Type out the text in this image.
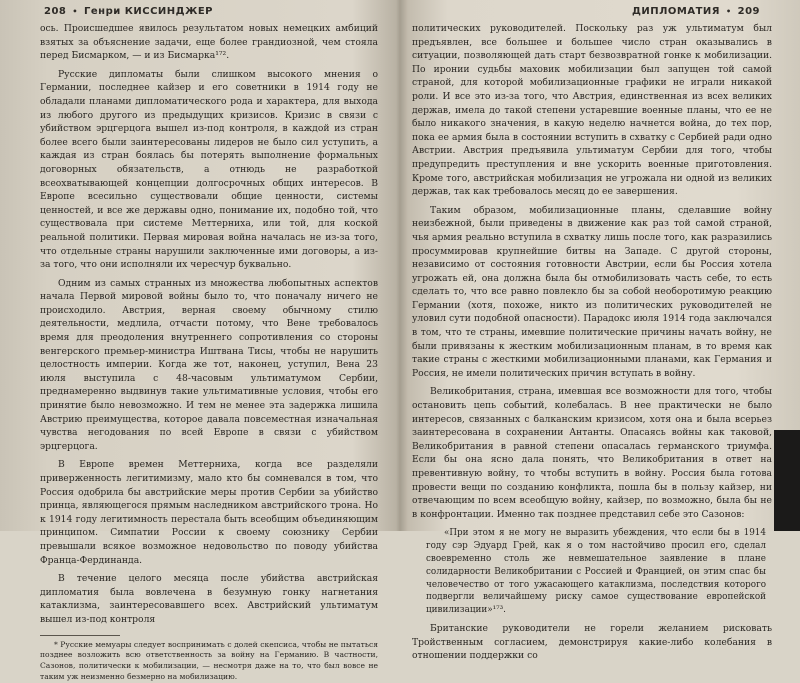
208 • Генри КИССИНДЖЕР

ось. Происшедшее явилось результатом новых немецких амбиций взятых за объяснение задачи, еще более грандиозной, чем стояла перед Бисмарком, — и из Бисмарка¹⁷².

Русские дипломаты были слишком высокого мнения о Германии, последнее кайзер и его советники в 1914 году не обладали планами дипломатического рода и характера, для выхода из любого другого из предыдущих кризисов. Кризис в связи с убийством эрцгерцога вышел из-под контроля, в каждой из стран более всего были заинтересованы лидеров не было сил уступить, а каждая из стран боялась бы потерять выполнение формальных договорных обязательств, а отнюдь не разработкой всеохватывающей концепции долгосрочных общих интересов. В Европе всесильно существовали общие ценности, системы ценностей, и все же державы одно, понимание их, подобно той, что существовала при системе Меттерниха, или той, для коской реальной политики. Первая мировая война началась не из-за того, что отдельные страны нарушили заключенные ими договоры, а из-за того, что они исполняли их чересчур буквально.

Одним из самых странных из множества любопытных аспектов начала Первой мировой войны было то, что поначалу ничего не происходило. Австрия, верная своему обычному стилю деятельности, медлила, отчасти потому, что Вене требовалось время для преодоления внутреннего сопротивления со стороны венгерского премьер-министра Иштвана Тисы, чтобы не нарушить целостность империи. Когда же тот, наконец, уступил, Вена 23 июля выступила с 48-часовым ультиматумом Сербии, преднамеренно выдвинув такие ультимативные условия, чтобы его принятие было невозможно. И тем не менее эта задержка лишила Австрию преимущества, которое давала повсеместная изначальная чувства негодования по всей Европе в связи с убийством эрцгерцога.

В Европе времен Меттерниха, когда все разделяли приверженность легитимизму, мало кто бы сомневался в том, что Россия одобрила бы австрийские меры против Сербии за убийство принца, являющегося прямым наследником австрийского трона. Но к 1914 году легитимность перестала быть всеобщим объединяющим принципом. Симпатии России к своему союзнику Сербии превышали всякое возможное недовольство по поводу убийства Франца-Фердинанда.

В течение целого месяца после убийства австрийская дипломатия была вовлечена в безумную гонку нагнетания катаклизма, заинтересовавшего всех. Австрийский ультиматум вышел из-под контроля

* Русские мемуары следует воспринимать с долей скепсиса, чтобы не пытаться позднее возложить всю ответственность за войну на Германию. В частности, Сазонов, политически к мобилизации, — несмотря даже на то, что был вовсе не таким уж неизменно безмерно на мобилизацию.
ДИПЛОМАТИЯ • 209

политических руководителей. Поскольку раз уж ультиматум был предъявлен, все большее и большее число стран оказывались в ситуации, позволяющей дать старт безвозвратной гонке к мобилизации. По иронии судьбы маховик мобилизации был запущен той самой страной, для которой мобилизационные графики не играли никакой роли. И все это из-за того, что Австрия, единственная из всех великих держав, имела до такой степени устаревшие военные планы, что ее не было никакого значения, в какую неделю начнется война, до тех пор, пока ее армия была в состоянии вступить в схватку с Сербией ради одно Австрии. Австрия предъявила ультиматум Сербии для того, чтобы предупредить преступления и вне ускорить военные приготовления. Кроме того, австрийская мобилизация не угрожала ни одной из великих держав, так как требовалось месяц до ее завершения.

Таким образом, мобилизационные планы, сделавшие войну неизбежной, были приведены в движение как раз той самой страной, чья армия реально вступила в схватку лишь после того, как разразились просуммировав крупнейшие битвы на Западе. С другой стороны, независимо от состояния готовности Австрии, если бы Россия хотела угрожать ей, она должна была бы отмобилизовать часть себе, то есть сделать то, что все равно повлекло бы за собой необоротимую реакцию Германии (хотя, похоже, никто из политических руководителей не уловил сути подобной опасности). Парадокс июля 1914 года заключался в том, что те страны, имевшие политические причины начать войну, не были привязаны к жестким мобилизационным планам, в то время как такие страны с жесткими мобилизационными планами, как Германия и Россия, не имели политических причин вступать в войну.

Великобритания, страна, имевшая все возможности для того, чтобы остановить цепь событий, колебалась. В нее практически не было интересов, связанных с балканским кризисом, хотя она и была всерьез заинтересована в сохранении Антанты. Опасаясь войны как таковой, Великобритания в равной степени опасалась германского триумфа. Если бы она ясно дала понять, что Великобритания в ответ на превентивную войну, то чтобы вступить в войну. Россия была готова провести вещи по созданию конфликта, пошла бы в пользу кайзер, ни отвечающим по всем всеобщую войну, кайзер, по возможно, была бы не в конфронтации. Именно так позднее представил себе это Сазонов:

«При этом я не могу не выразить убеждения, что если бы в 1914 году сэр Эдуард Грей, как я о том настойчиво просил его, сделал своевременно столь же невмешательное заявление в плане солидарности Великобритании с Россией и Францией, он этим спас бы человечество от того ужасающего катаклизма, последствия которого подвергли величайшему риску самое существование европейской цивилизации»¹⁷³.

Британские руководители не горели желанием рисковать Тройственным согласием, демонстрируя какие-либо колебания в отношении поддержки со
